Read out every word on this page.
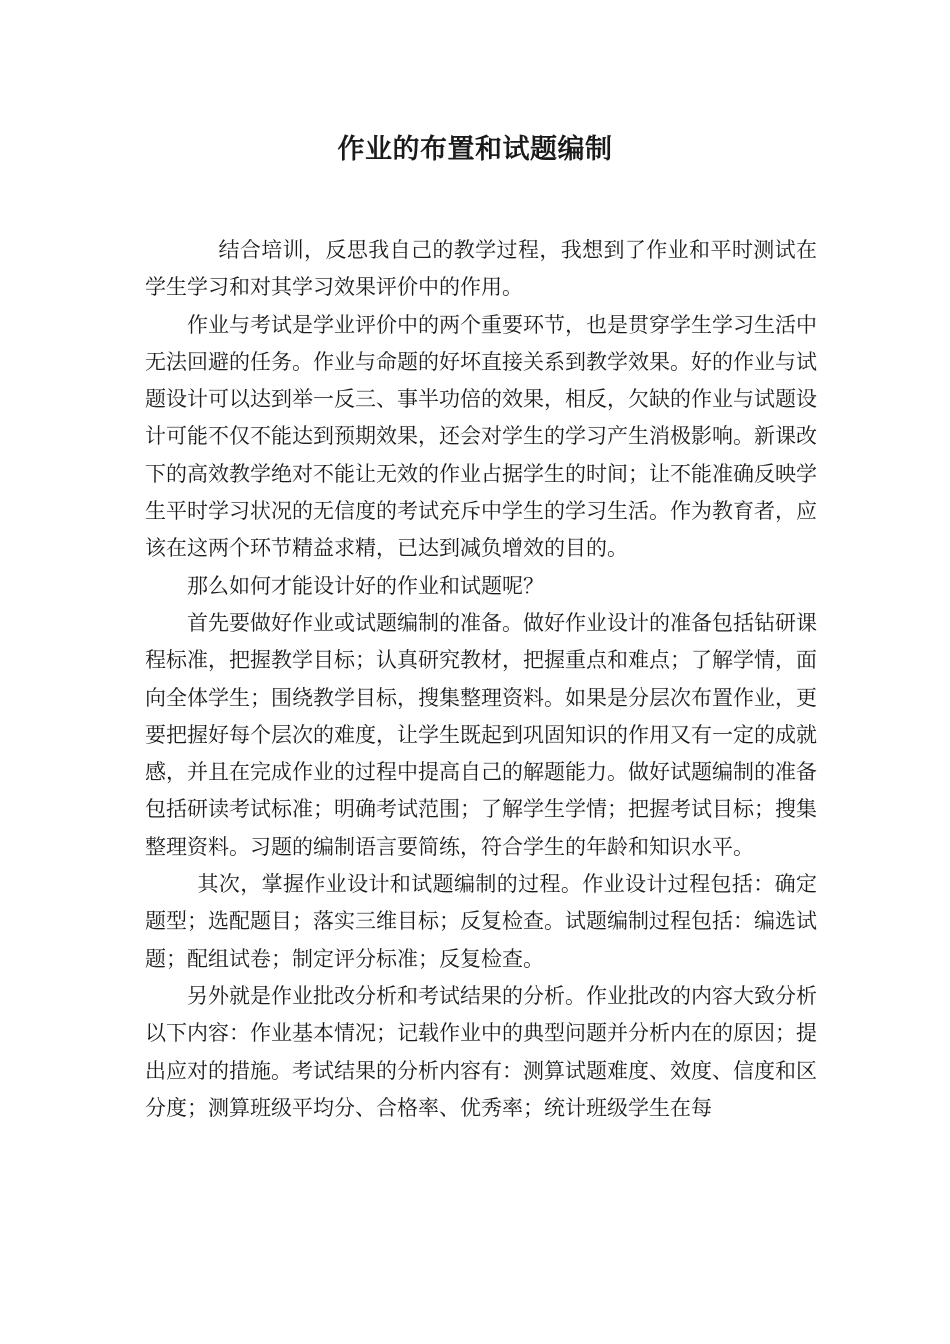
作业的布置和试题编制

结合培训，反思我自己的教学过程，我想到了作业和平时测试在学生学习和对其学习效果评价中的作用。

作业与考试是学业评价中的两个重要环节，也是贯穿学生学习生活中无法回避的任务。作业与命题的好坏直接关系到教学效果。好的作业与试题设计可以达到举一反三、事半功倍的效果，相反，欠缺的作业与试题设计可能不仅不能达到预期效果，还会对学生的学习产生消极影响。新课改下的高效教学绝对不能让无效的作业占据学生的时间；让不能准确反映学生平时学习状况的无信度的考试充斥中学生的学习生活。作为教育者，应该在这两个环节精益求精，已达到减负增效的目的。

那么如何才能设计好的作业和试题呢？

首先要做好作业或试题编制的准备。做好作业设计的准备包括钻研课程标准，把握教学目标；认真研究教材，把握重点和难点；了解学情，面向全体学生；围绕教学目标，搜集整理资料。如果是分层次布置作业，更要把握好每个层次的难度，让学生既起到巩固知识的作用又有一定的成就感，并且在完成作业的过程中提高自己的解题能力。做好试题编制的准备包括研读考试标准；明确考试范围；了解学生学情；把握考试目标；搜集整理资料。习题的编制语言要简练，符合学生的年龄和知识水平。

其次，掌握作业设计和试题编制的过程。作业设计过程包括：确定题型；选配题目；落实三维目标；反复检查。试题编制过程包括：编选试题；配组试卷；制定评分标准；反复检查。

另外就是作业批改分析和考试结果的分析。作业批改的内容大致分析以下内容：作业基本情况；记载作业中的典型问题并分析内在的原因；提出应对的措施。考试结果的分析内容有：测算试题难度、效度、信度和区分度；测算班级平均分、合格率、优秀率；统计班级学生在每
